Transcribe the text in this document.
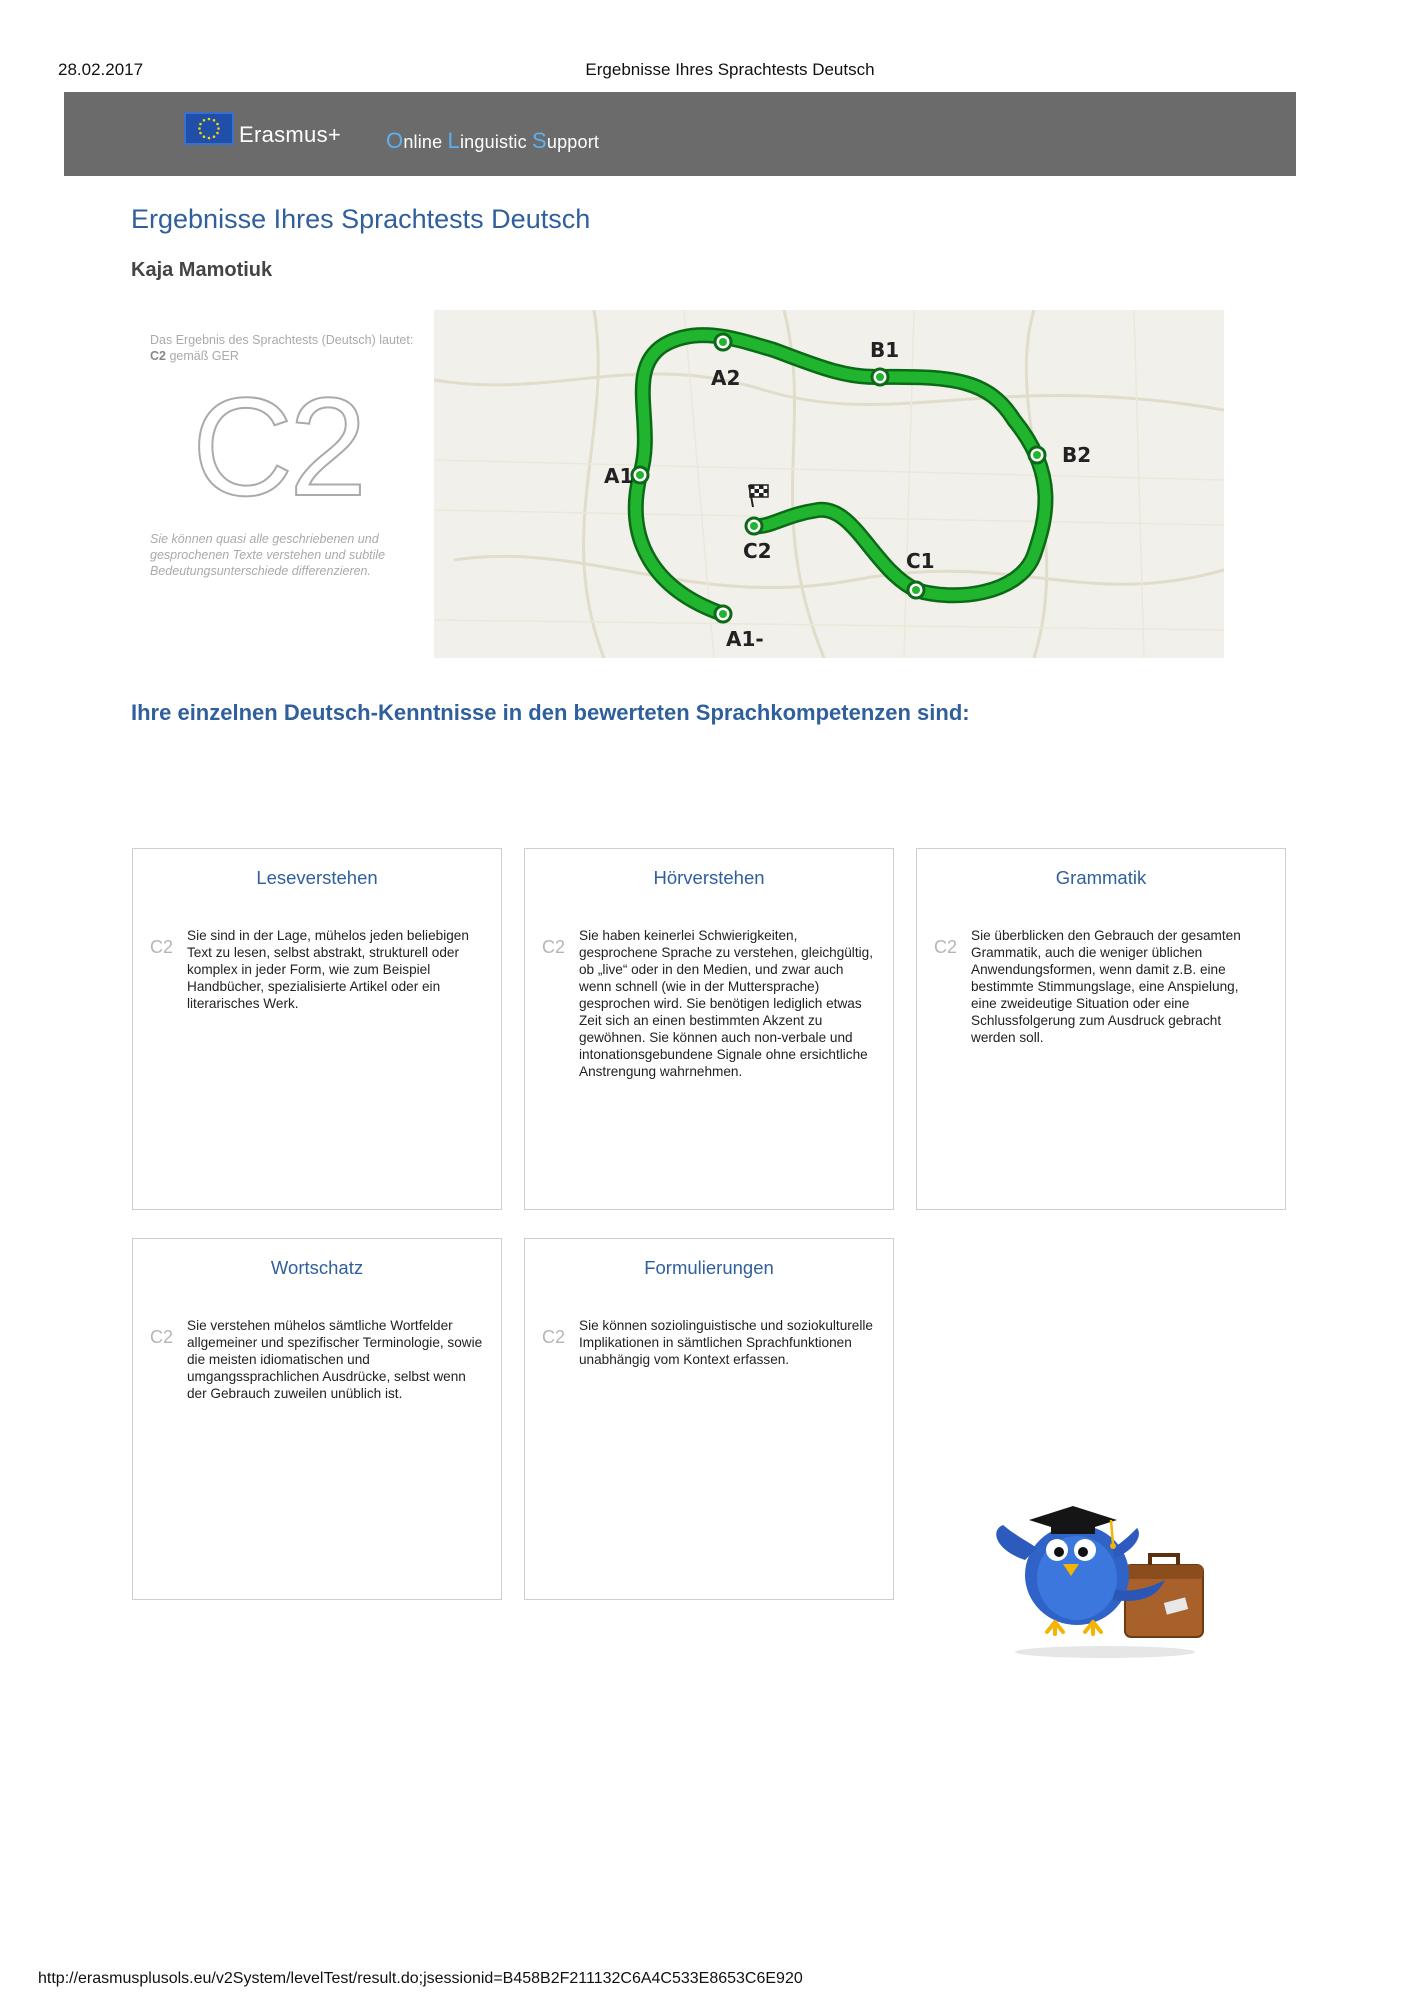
28.02.2017	Ergebnisse Ihres Sprachtests Deutsch
Erasmus+ Online Linguistic Support
Ergebnisse Ihres Sprachtests Deutsch
Kaja Mamotiuk
Das Ergebnis des Sprachtests (Deutsch) lautet: C2 gemäß GER
C2
Sie können quasi alle geschriebenen und gesprochenen Texte verstehen und subtile Bedeutungsunterschiede differenzieren.
A1-
A1
A2
B1
B2
C1
C2
Ihre einzelnen Deutsch-Kenntnisse in den bewerteten Sprachkompetenzen sind:
Leseverstehen
C2
Sie sind in der Lage, mühelos jeden beliebigen Text zu lesen, selbst abstrakt, strukturell oder komplex in jeder Form, wie zum Beispiel Handbücher, spezialisierte Artikel oder ein literarisches Werk.
Hörverstehen
C2
Sie haben keinerlei Schwierigkeiten, gesprochene Sprache zu verstehen, gleichgültig, ob „live“ oder in den Medien, und zwar auch wenn schnell (wie in der Muttersprache) gesprochen wird. Sie benötigen lediglich etwas Zeit sich an einen bestimmten Akzent zu gewöhnen. Sie können auch non-verbale und intonationsgebundene Signale ohne ersichtliche Anstrengung wahrnehmen.
Grammatik
C2
Sie überblicken den Gebrauch der gesamten Grammatik, auch die weniger üblichen Anwendungsformen, wenn damit z.B. eine bestimmte Stimmungslage, eine Anspielung, eine zweideutige Situation oder eine Schlussfolgerung zum Ausdruck gebracht werden soll.
Wortschatz
C2
Sie verstehen mühelos sämtliche Wortfelder allgemeiner und spezifischer Terminologie, sowie die meisten idiomatischen und umgangssprachlichen Ausdrücke, selbst wenn der Gebrauch zuweilen unüblich ist.
Formulierungen
C2
Sie können soziolinguistische und soziokulturelle Implikationen in sämtlichen Sprachfunktionen unabhängig vom Kontext erfassen.
http://erasmusplusols.eu/v2System/levelTest/result.do;jsessionid=B458B2F211132C6A4C533E8653C6E920
